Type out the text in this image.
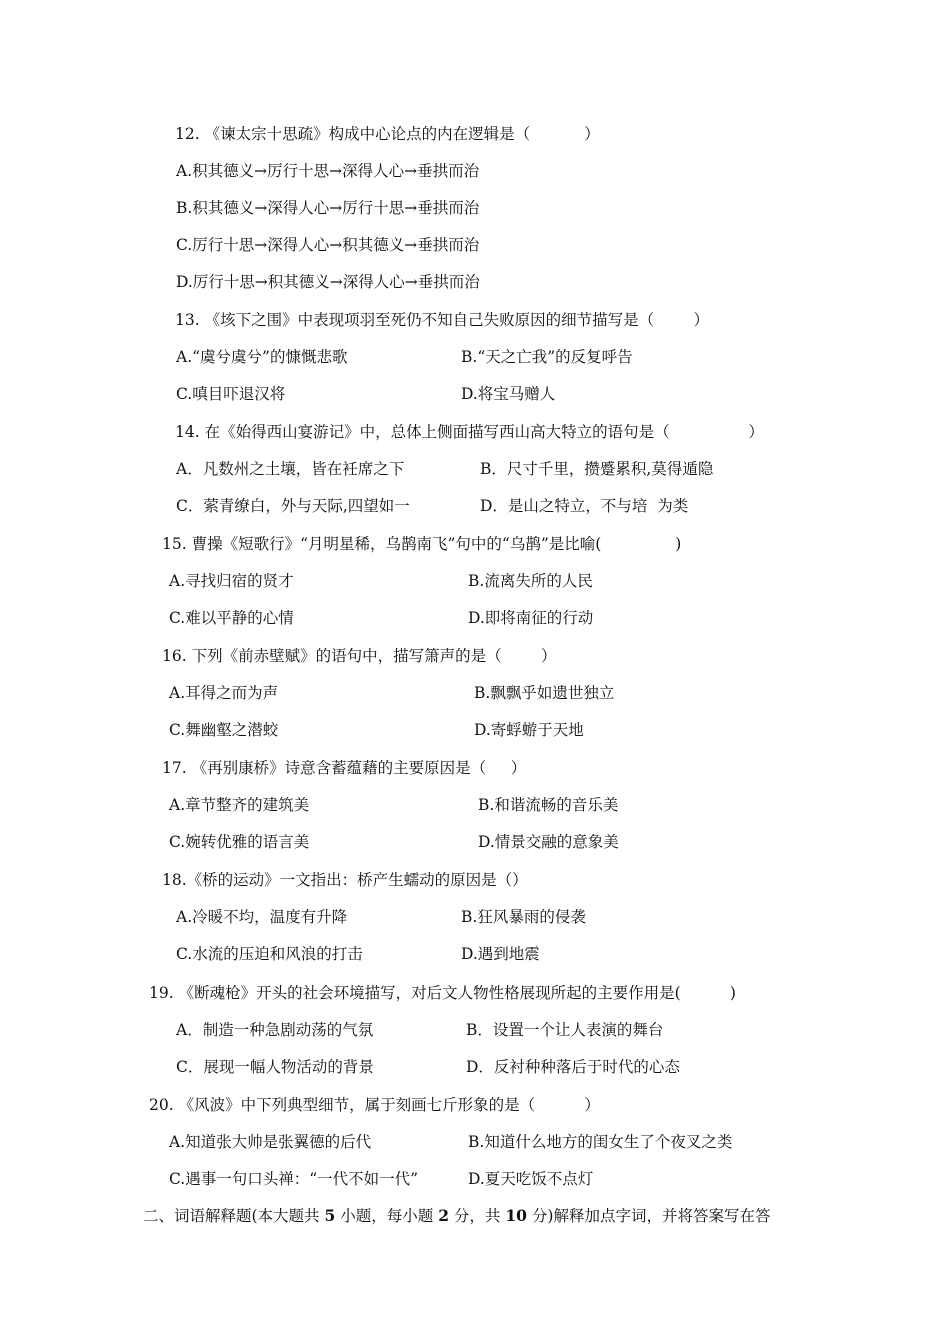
12. 《谏太宗十思疏》构成中心论点的内在逻辑是（           ）
A.积其德义→厉行十思→深得人心→垂拱而治
B.积其德义→深得人心→厉行十思→垂拱而治
C.厉行十思→深得人心→积其德义→垂拱而治
D.厉行十思→积其德义→深得人心→垂拱而治
13. 《垓下之围》中表现项羽至死仍不知自己失败原因的细节描写是（        ）
A.“虞兮虞兮”的慷慨悲歌	B.“天之亡我”的反复呼告
C.嗔目吓退汉将	D.将宝马赠人
14. 在《始得西山宴游记》中，总体上侧面描写西山高大特立的语句是（                ）
A．凡数州之土壤，皆在衽席之下	B．尺寸千里，攒蹙累积,莫得遁隐
C．萦青缭白，外与天际,四望如一	D．是山之特立，不与培  为类
15. 曹操《短歌行》“月明星稀，乌鹊南飞”句中的“乌鹊”是比喻(               )
A.寻找归宿的贤才	B.流离失所的人民
C.难以平静的心情	D.即将南征的行动
16. 下列《前赤壁赋》的语句中，描写箫声的是（        ）
A.耳得之而为声	B.飘飘乎如遗世独立
C.舞幽壑之潜蛟	D.寄蜉蝣于天地
17. 《再别康桥》诗意含蓄蕴藉的主要原因是（     ）
A.章节整齐的建筑美	B.和谐流畅的音乐美
C.婉转优雅的语言美	D.情景交融的意象美
18.《桥的运动》一文指出：桥产生蠕动的原因是（）
A.冷暖不均，温度有升降	B.狂风暴雨的侵袭
C.水流的压迫和风浪的打击	D.遇到地震
19. 《断魂枪》开头的社会环境描写，对后文人物性格展现所起的主要作用是(          )
A．制造一种急剧动荡的气氛	B．设置一个让人表演的舞台
C．展现一幅人物活动的背景	D．反衬种种落后于时代的心态
20. 《风波》中下列典型细节，属于刻画七斤形象的是（          ）
A.知道张大帅是张翼德的后代	B.知道什么地方的闺女生了个夜叉之类
C.遇事一句口头禅：“一代不如一代”	D.夏天吃饭不点灯
二、词语解释题(本大题共 5 小题，每小题 2 分，共 10 分)解释加点字词，并将答案写在答
